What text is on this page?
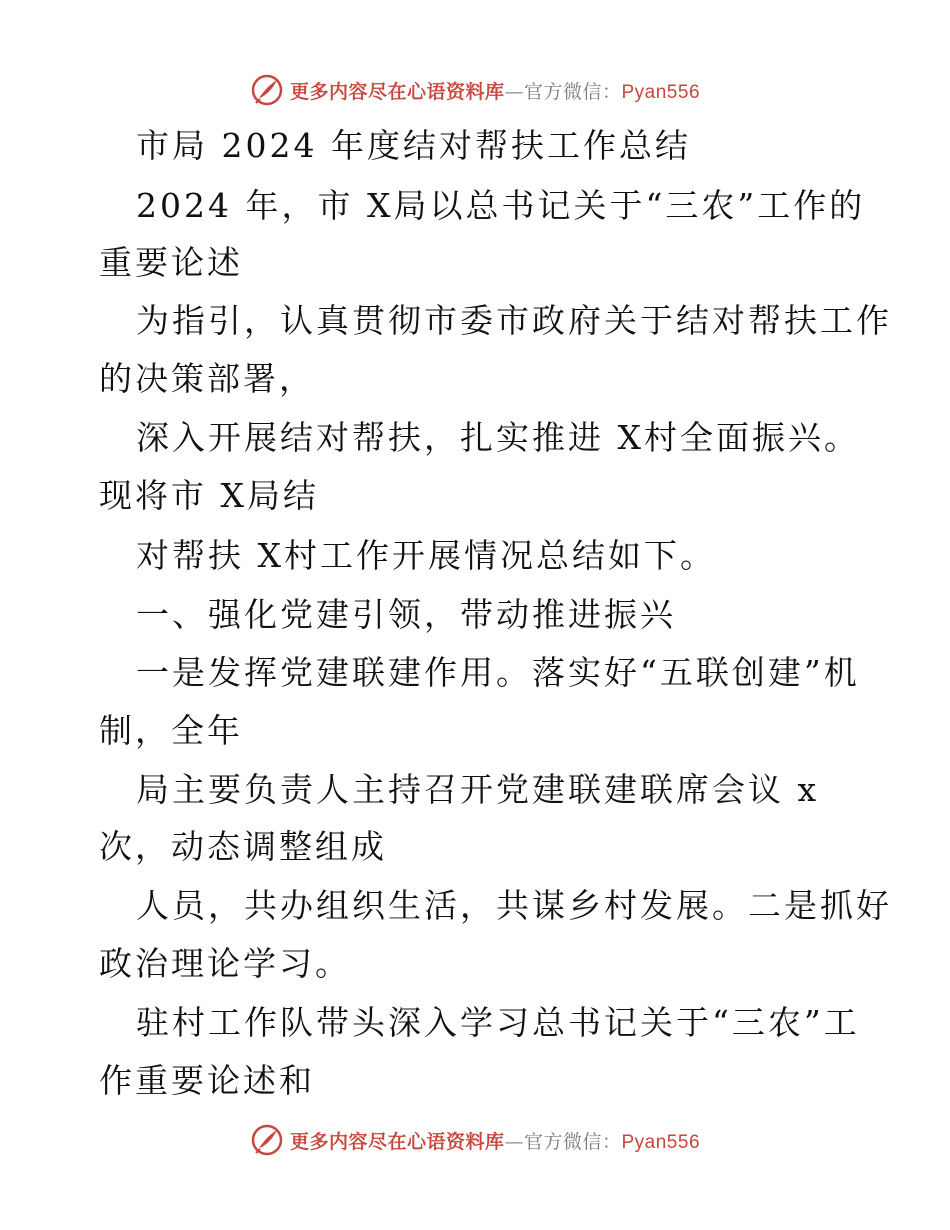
更多内容尽在心语资料库—官方微信：Pyan556
市局 2024 年度结对帮扶工作总结
2024 年，市 X局以总书记关于“三农”工作的
重要论述
为指引，认真贯彻市委市政府关于结对帮扶工作
的决策部署，
深入开展结对帮扶，扎实推进 X村全面振兴。
现将市 X局结
对帮扶 X村工作开展情况总结如下。
一、强化党建引领，带动推进振兴
一是发挥党建联建作用。落实好“五联创建”机
制，全年
局主要负责人主持召开党建联建联席会议 x
次，动态调整组成
人员，共办组织生活，共谋乡村发展。二是抓好
政治理论学习。
驻村工作队带头深入学习总书记关于“三农”工
作重要论述和
更多内容尽在心语资料库—官方微信：Pyan556
